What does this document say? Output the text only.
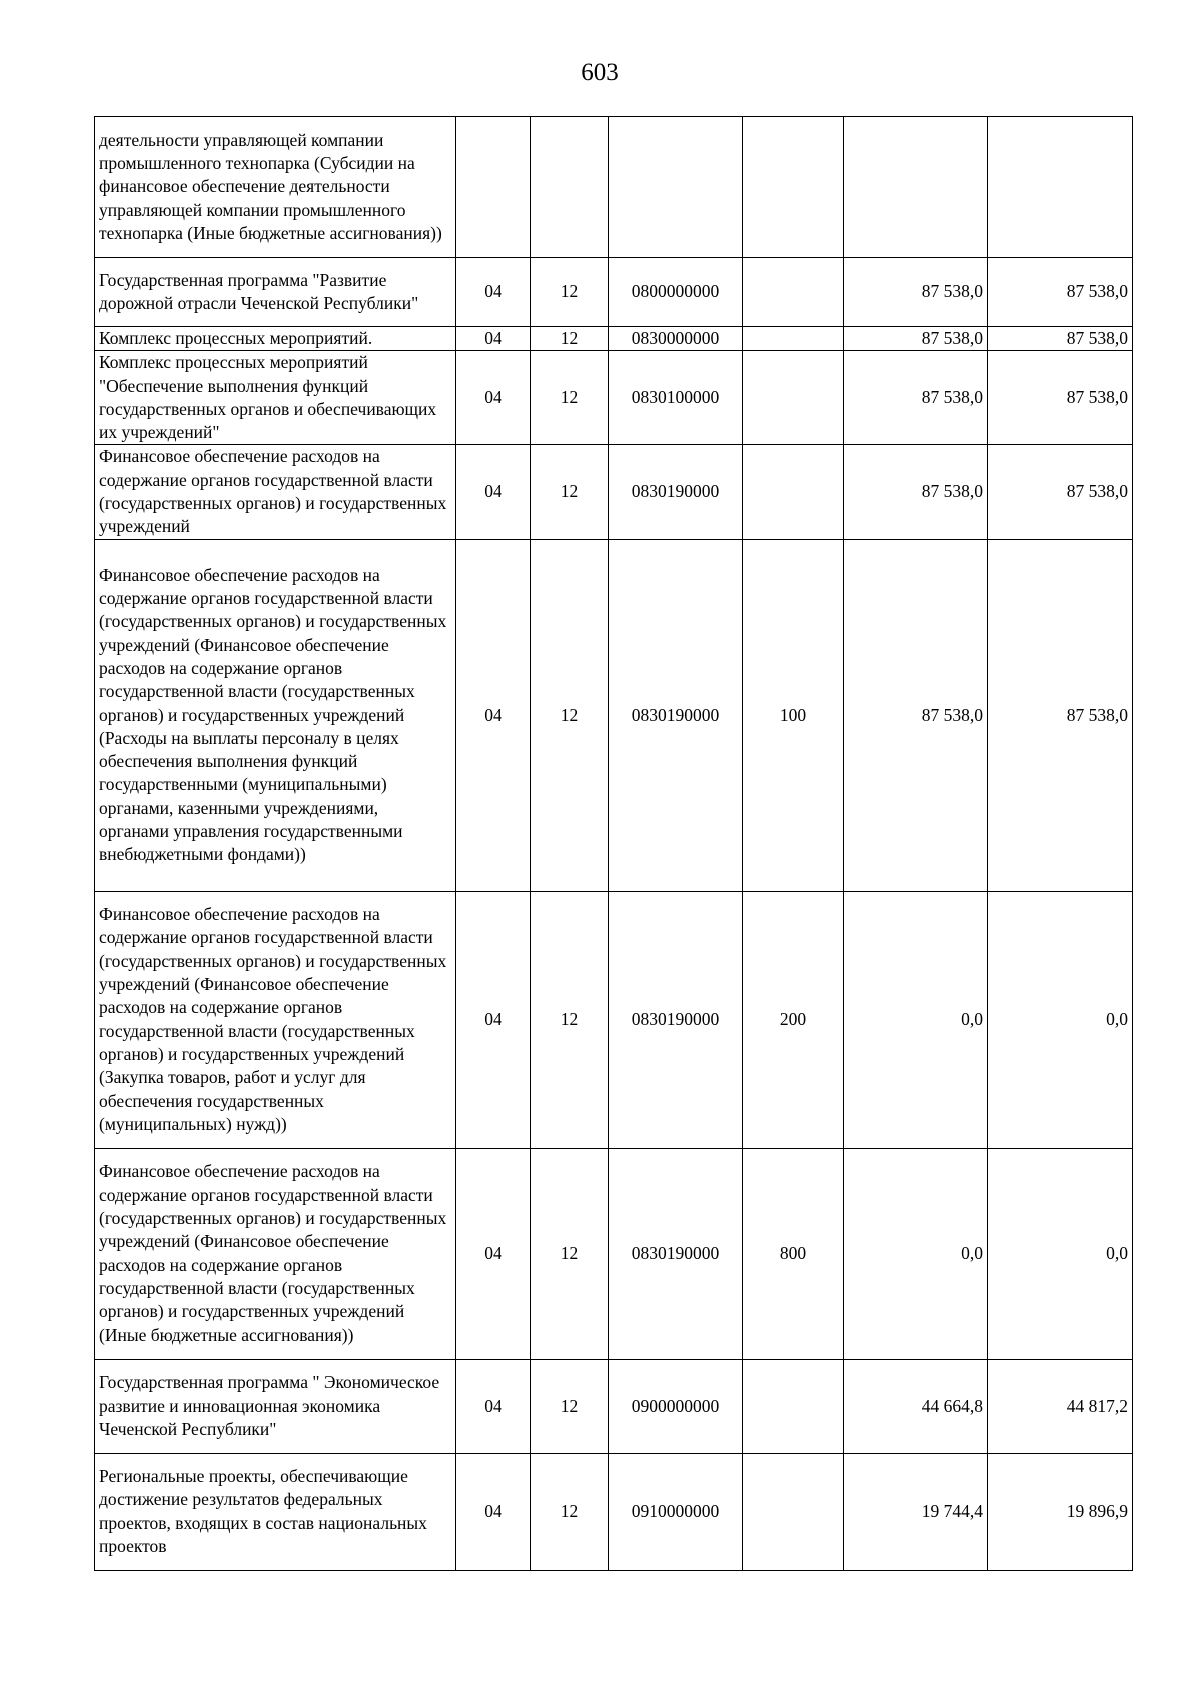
603
деятельности управляющей компании промышленного технопарка (Субсидии на финансовое обеспечение деятельности управляющей компании промышленного технопарка (Иные бюджетные ассигнования))						
Государственная программа "Развитие дорожной отрасли Чеченской Республики"	04	12	0800000000		87 538,0	87 538,0
Комплекс процессных мероприятий.	04	12	0830000000		87 538,0	87 538,0
Комплекс процессных мероприятий "Обеспечение выполнения функций государственных органов и обеспечивающих их учреждений"	04	12	0830100000		87 538,0	87 538,0
Финансовое обеспечение расходов на содержание органов государственной власти (государственных органов) и государственных учреждений	04	12	0830190000		87 538,0	87 538,0
Финансовое обеспечение расходов на содержание органов государственной власти (государственных органов) и государственных учреждений (Финансовое обеспечение расходов на содержание органов государственной власти (государственных органов) и государственных учреждений (Расходы на выплаты персоналу в целях обеспечения выполнения функций государственными (муниципальными) органами, казенными учреждениями, органами управления государственными внебюджетными фондами))	04	12	0830190000	100	87 538,0	87 538,0
Финансовое обеспечение расходов на содержание органов государственной власти (государственных органов) и государственных учреждений (Финансовое обеспечение расходов на содержание органов государственной власти (государственных органов) и государственных учреждений (Закупка товаров, работ и услуг для обеспечения государственных (муниципальных) нужд))	04	12	0830190000	200	0,0	0,0
Финансовое обеспечение расходов на содержание органов государственной власти (государственных органов) и государственных учреждений (Финансовое обеспечение расходов на содержание органов государственной власти (государственных органов) и государственных учреждений (Иные бюджетные ассигнования))	04	12	0830190000	800	0,0	0,0
Государственная программа " Экономическое развитие и инновационная экономика Чеченской Республики"	04	12	0900000000		44 664,8	44 817,2
Региональные проекты, обеспечивающие достижение результатов федеральных проектов, входящих в состав национальных проектов	04	12	0910000000		19 744,4	19 896,9
